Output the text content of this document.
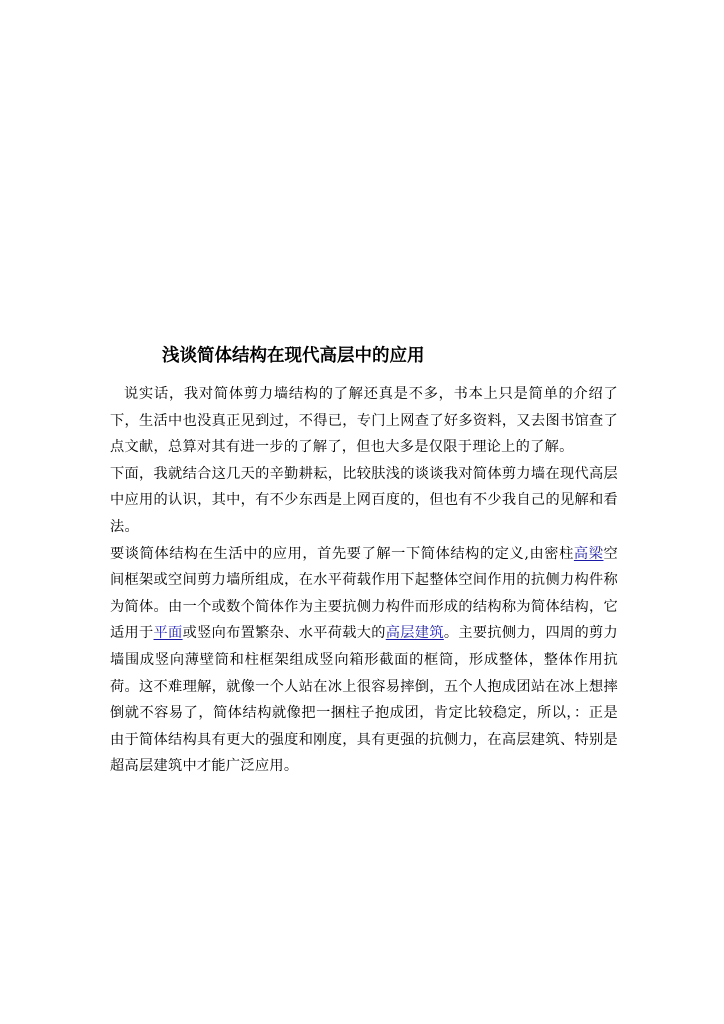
浅谈简体结构在现代高层中的应用

说实话，我对简体剪力墙结构的了解还真是不多，书本上只是简单的介绍了下，生活中也没真正见到过，不得已，专门上网查了好多资料，又去图书馆查了点文献，总算对其有进一步的了解了，但也大多是仅限于理论上的了解。

下面，我就结合这几天的辛勤耕耘，比较肤浅的谈谈我对简体剪力墙在现代高层中应用的认识，其中，有不少东西是上网百度的，但也有不少我自己的见解和看法。

要谈简体结构在生活中的应用，首先要了解一下简体结构的定义,由密柱高梁空间框架或空间剪力墙所组成，在水平荷载作用下起整体空间作用的抗侧力构件称为简体。由一个或数个简体作为主要抗侧力构件而形成的结构称为简体结构，它适用于平面或竖向布置繁杂、水平荷载大的高层建筑。主要抗侧力，四周的剪力墙围成竖向薄壁筒和柱框架组成竖向箱形截面的框筒，形成整体，整体作用抗荷。这不难理解，就像一个人站在冰上很容易摔倒，五个人抱成团站在冰上想摔倒就不容易了，简体结构就像把一捆柱子抱成团，肯定比较稳定，所以，：正是由于简体结构具有更大的强度和刚度，具有更强的抗侧力，在高层建筑、特别是超高层建筑中才能广泛应用。
